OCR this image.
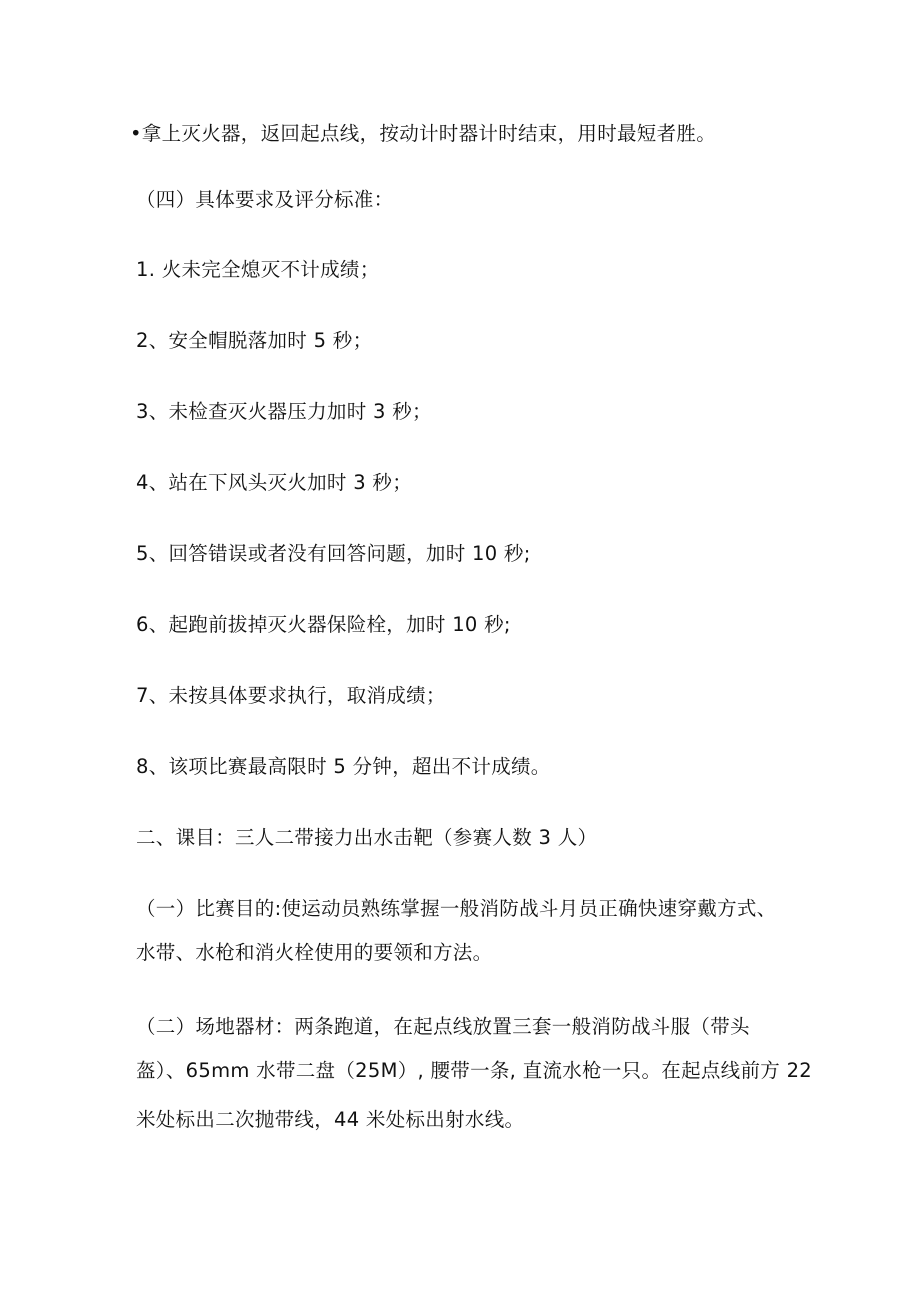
•拿上灭火器，返回起点线，按动计时器计时结束，用时最短者胜。
（四）具体要求及评分标准：
1. 火未完全熄灭不计成绩；
2、安全帽脱落加时 5 秒；
3、未检查灭火器压力加时 3 秒；
4、站在下风头灭火加时 3 秒；
5、回答错误或者没有回答问题，加时 10 秒;
6、起跑前拔掉灭火器保险栓，加时 10 秒;
7、未按具体要求执行，取消成绩；
8、该项比赛最高限时 5 分钟，超出不计成绩。
二、课目：三人二带接力出水击靶（参赛人数 3 人）
（一）比赛目的:使运动员熟练掌握一般消防战斗月员正确快速穿戴方式、
水带、水枪和消火栓使用的要领和方法。
（二）场地器材：两条跑道，在起点线放置三套一般消防战斗服（带头
盔）、65mm 水带二盘（25M）, 腰带一条, 直流水枪一只。在起点线前方 22
米处标出二次抛带线，44 米处标出射水线。
